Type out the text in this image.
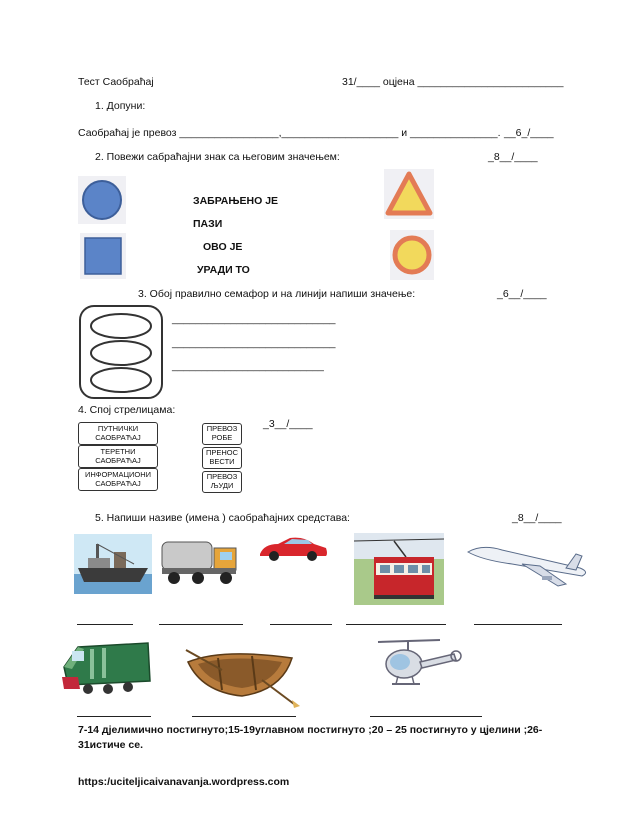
Тест Саобраћај	31/____ оцјена _________________________
1. Допуни:
Саобраћај је превоз _________________,____________________ и _______________. __6_/____
2. Повежи сабраћајни знак са његовим значењем:	_8__/____
ЗАБРАЊЕНО ЈЕ
ПАЗИ
ОВО ЈЕ
УРАДИ ТО
3. Обој правилно семафор и на линији напиши значење:	_6__/____
____________________________
____________________________
__________________________
4. Спој стрелицама:
_3__/____
ПУТНИЧКИ САОБРАЋАЈ
ТЕРЕТНИ САОБРАЋАЈ
ИНФОРМАЦИОНИ САОБРАЋАЈ
ПРЕВОЗ РОБЕ
ПРЕНОС ВЕСТИ
ПРЕВОЗ ЉУДИ
5. Напиши називе (имена ) саобраћајних средстава:	_8__/____
7-14 дјелимично постигнуто;15-19углавном постигнуто ;20 – 25 постигнуто у цјелини ;26-
31истиче се.
https:/uciteljicaivanavanja.wordpress.com
